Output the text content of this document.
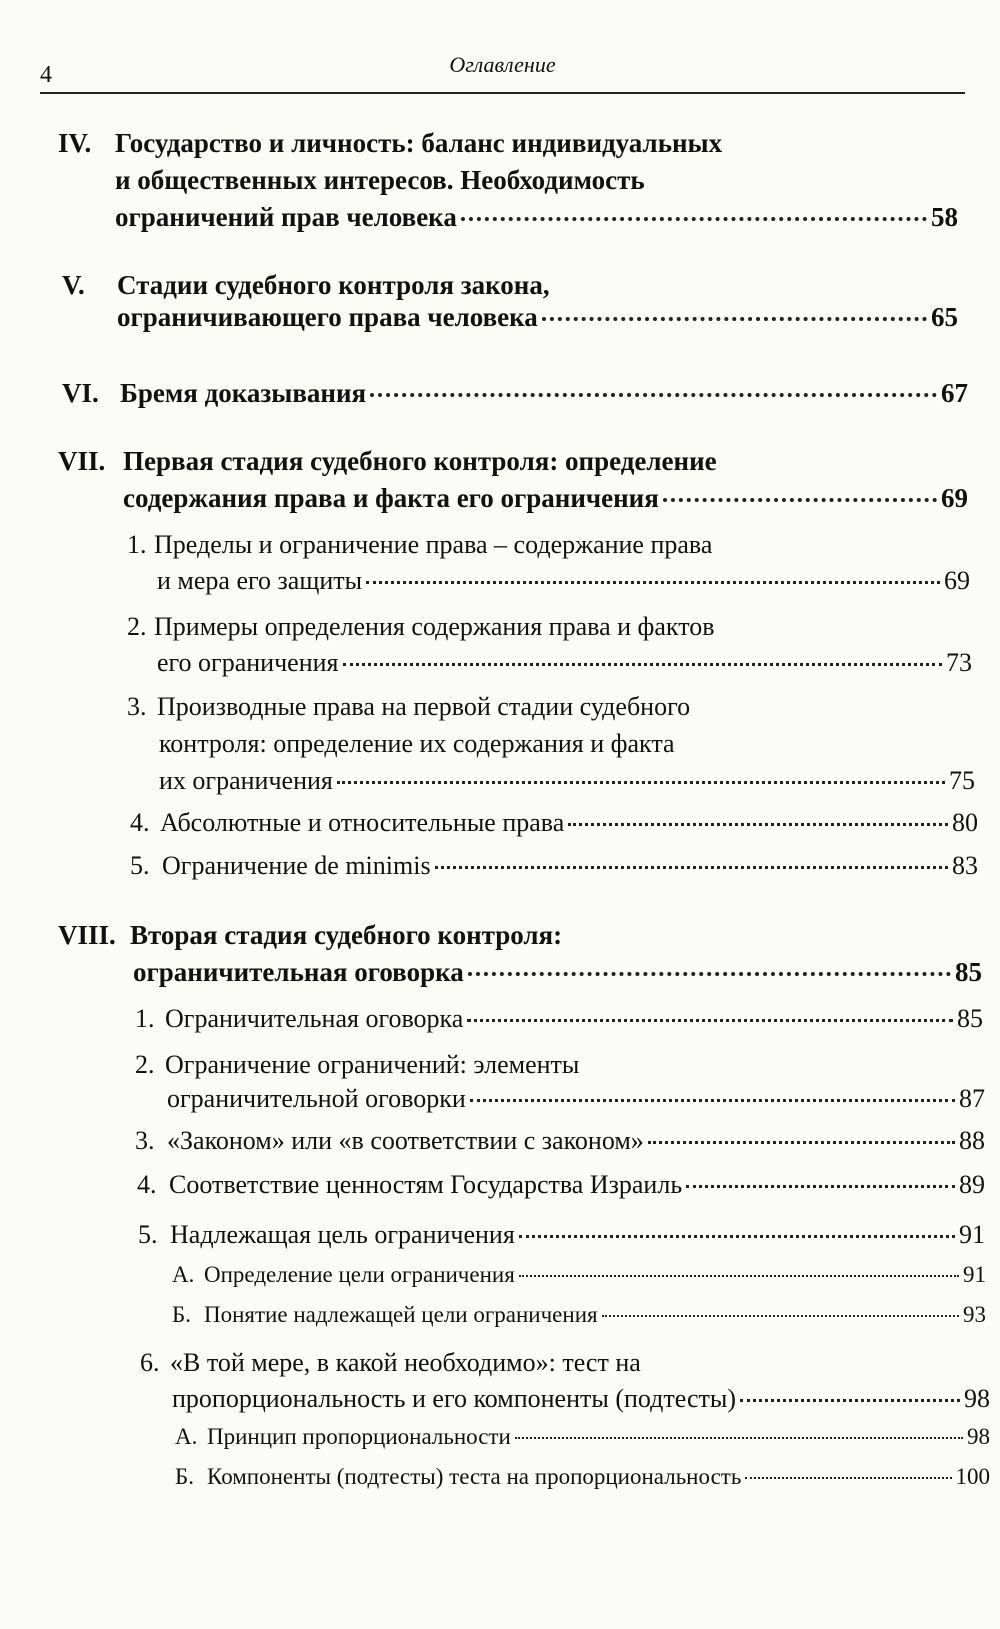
4	Оглавление
IV. Государство и личность: баланс индивидуальных
и общественных интересов. Необходимость
ограничений прав человека	58
V. Стадии судебного контроля закона,
ограничивающего права человека	65
VI. Бремя доказывания	67
VII. Первая стадия судебного контроля: определение
содержания права и факта его ограничения	69
1. Пределы и ограничение права – содержание права
и мера его защиты	69
2. Примеры определения содержания права и фактов
его ограничения	73
3. Производные права на первой стадии судебного
контроля: определение их содержания и факта
их ограничения	75
4. Абсолютные и относительные права	80
5. Ограничение de minimis	83
VIII. Вторая стадия судебного контроля:
ограничительная оговорка	85
1. Ограничительная оговорка	85
2. Ограничение ограничений: элементы
ограничительной оговорки	87
3. «Законом» или «в соответствии с законом»	88
4. Соответствие ценностям Государства Израиль	89
5. Надлежащая цель ограничения	91
А. Определение цели ограничения	91
Б. Понятие надлежащей цели ограничения	93
6. «В той мере, в какой необходимо»: тест на
пропорциональность и его компоненты (подтесты)	98
А. Принцип пропорциональности	98
Б. Компоненты (подтесты) теста на пропорциональность	100
